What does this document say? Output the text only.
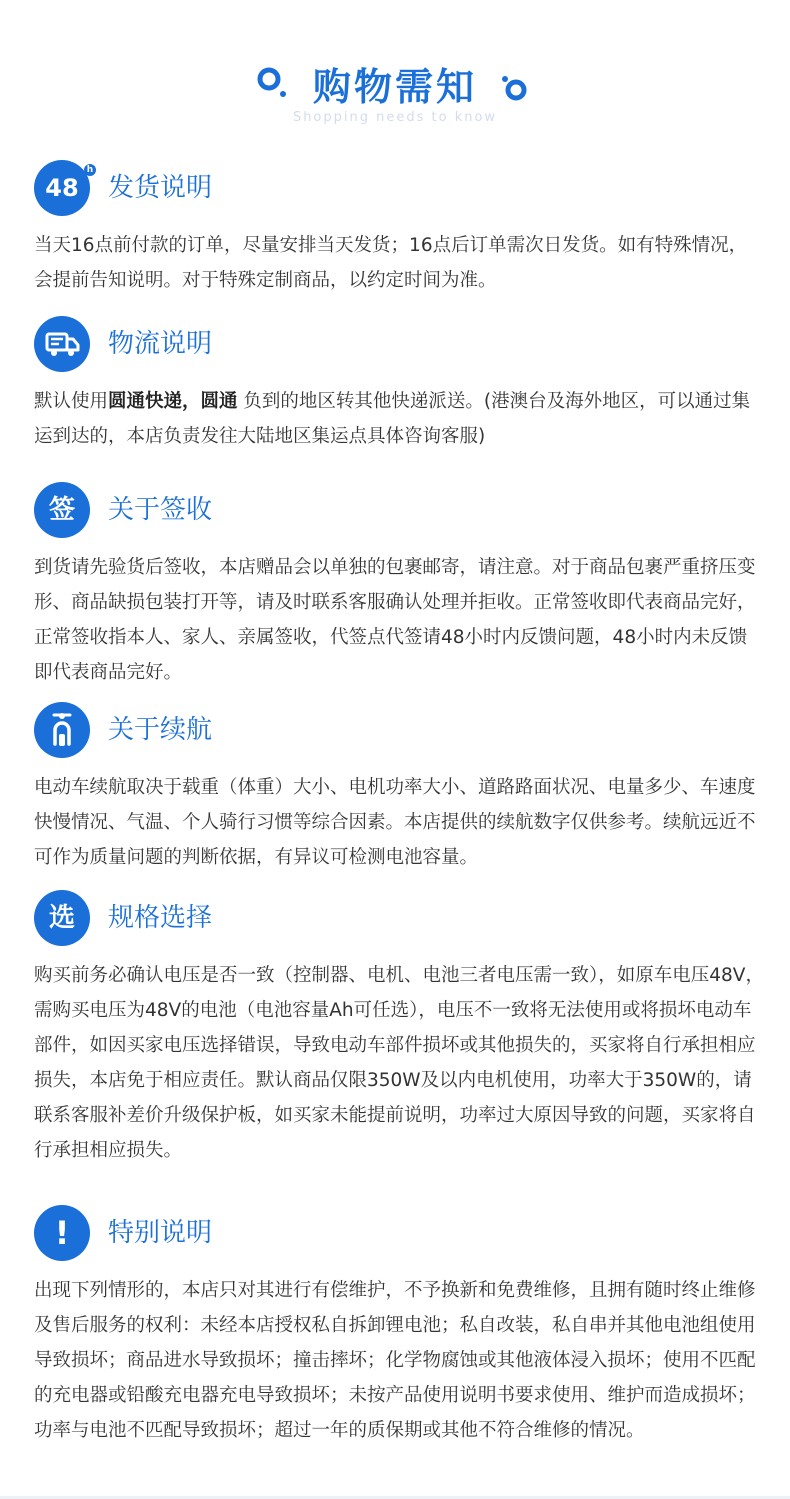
购物需知
Shopping needs to know
48
h
发货说明
当天16点前付款的订单，尽量安排当天发货；16点后订单需次日发货。如有特殊情况，会提前告知说明。对于特殊定制商品，以约定时间为准。
物流说明
默认使用圆通快递，圆通 负到的地区转其他快递派送。(港澳台及海外地区，可以通过集运到达的，本店负责发往大陆地区集运点具体咨询客服)
签	关于签收
到货请先验货后签收，本店赠品会以单独的包裹邮寄，请注意。对于商品包裹严重挤压变形、商品缺损包装打开等，请及时联系客服确认处理并拒收。正常签收即代表商品完好，正常签收指本人、家人、亲属签收，代签点代签请48小时内反馈问题，48小时内未反馈即代表商品完好。
关于续航
电动车续航取决于载重（体重）大小、电机功率大小、道路路面状况、电量多少、车速度快慢情况、气温、个人骑行习惯等综合因素。本店提供的续航数字仅供参考。续航远近不可作为质量问题的判断依据，有异议可检测电池容量。
选	规格选择
购买前务必确认电压是否一致（控制器、电机、电池三者电压需一致），如原车电压48V，需购买电压为48V的电池（电池容量Ah可任选），电压不一致将无法使用或将损坏电动车部件，如因买家电压选择错误，导致电动车部件损坏或其他损失的，买家将自行承担相应损失，本店免于相应责任。默认商品仅限350W及以内电机使用，功率大于350W的，请联系客服补差价升级保护板，如买家未能提前说明，功率过大原因导致的问题，买家将自行承担相应损失。
!	特别说明
出现下列情形的，本店只对其进行有偿维护，不予换新和免费维修，且拥有随时终止维修及售后服务的权利：未经本店授权私自拆卸锂电池；私自改装，私自串并其他电池组使用导致损坏；商品进水导致损坏；撞击摔坏；化学物腐蚀或其他液体浸入损坏；使用不匹配的充电器或铅酸充电器充电导致损坏；未按产品使用说明书要求使用、维护而造成损坏；功率与电池不匹配导致损坏；超过一年的质保期或其他不符合维修的情况。
